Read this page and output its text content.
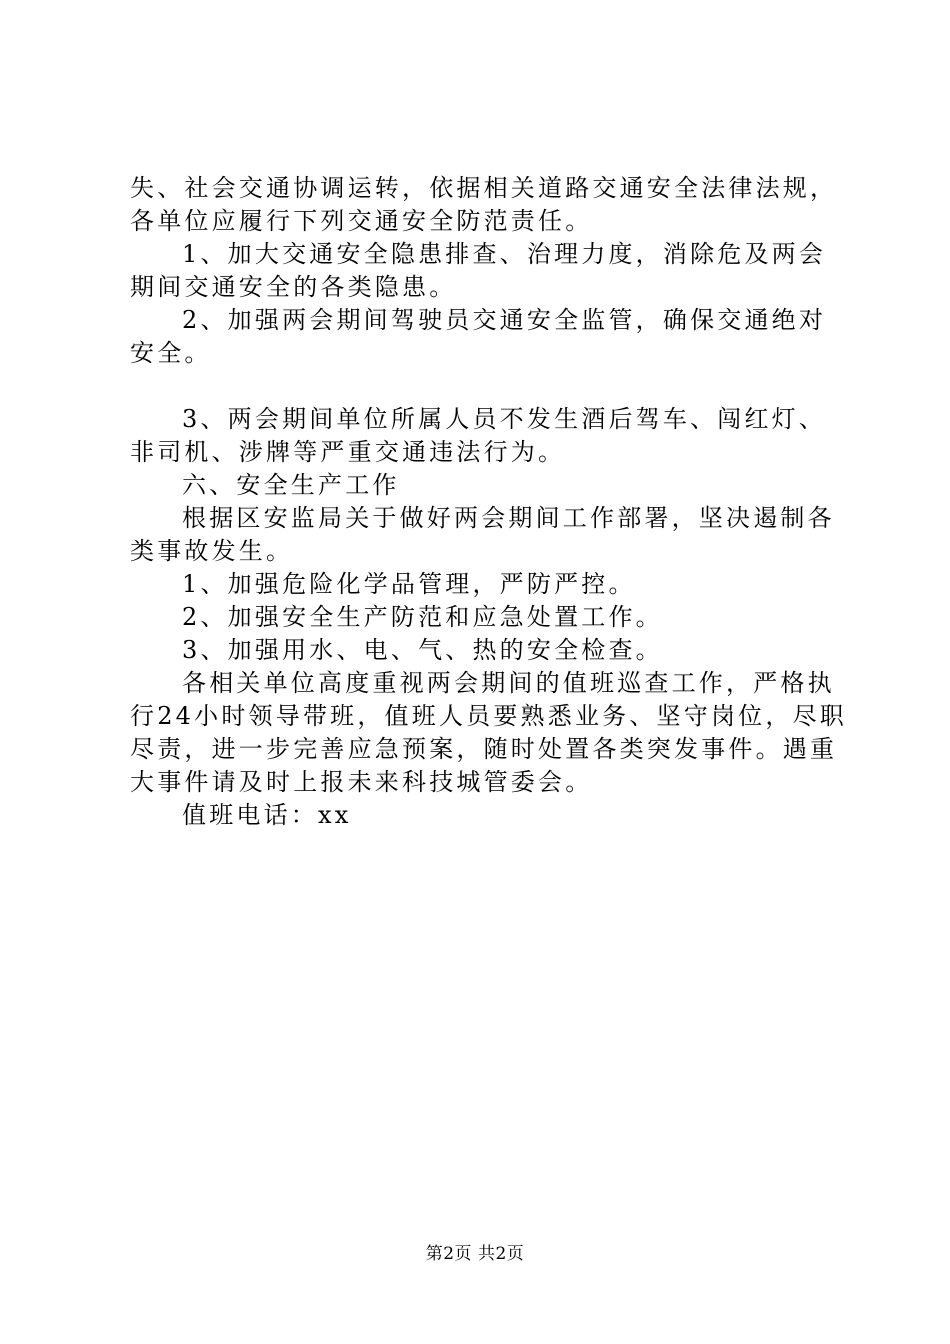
失、社会交通协调运转，依据相关道路交通安全法律法规，各单位应履行下列交通安全防范责任。

1、加大交通安全隐患排查、治理力度，消除危及两会期间交通安全的各类隐患。

2、加强两会期间驾驶员交通安全监管，确保交通绝对安全。

3、两会期间单位所属人员不发生酒后驾车、闯红灯、非司机、涉牌等严重交通违法行为。

六、安全生产工作

根据区安监局关于做好两会期间工作部署，坚决遏制各类事故发生。

1、加强危险化学品管理，严防严控。

2、加强安全生产防范和应急处置工作。

3、加强用水、电、气、热的安全检查。

各相关单位高度重视两会期间的值班巡查工作，严格执行24小时领导带班，值班人员要熟悉业务、坚守岗位，尽职尽责，进一步完善应急预案，随时处置各类突发事件。遇重大事件请及时上报未来科技城管委会。

值班电话：xx

第2页 共2页
